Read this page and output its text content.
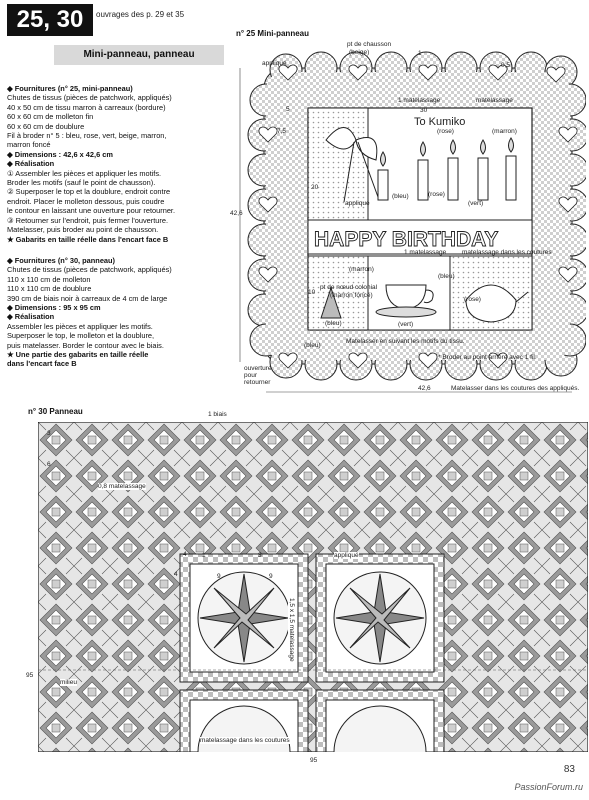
25, 30	ouvrages des p. 29 et 35
Mini-panneau, panneau
◆ Fournitures (n° 25, mini-panneau)
Chutes de tissus (pièces de patchwork, appliqués)
40 x 50 cm de tissu marron à carreaux (bordure)
60 x 60 cm de molleton fin
60 x 60 cm de doublure
Fil à broder n° 5 : bleu, rose, vert, beige, marron,
marron foncé
◆ Dimensions : 42,6 x 42,6 cm
◆ Réalisation
① Assembler les pièces et appliquer les motifs.
Broder les motifs (sauf le point de chausson).
② Superposer le top et la doublure, endroit contre
endroit. Placer le molleton dessous, puis coudre
le contour en laissant une ouverture pour retourner.
③ Retourner sur l'endroit, puis fermer l'ouverture.
Matelasser, puis broder au point de chausson.
★ Gabarits en taille réelle dans l'encart face B
◆ Fournitures (n° 30, panneau)
Chutes de tissus (pièces de patchwork, appliqués)
110 x 110 cm de molleton
110 x 110 cm de doublure
390 cm de biais noir à carreaux de 4 cm de large
◆ Dimensions : 95 x 95 cm
◆ Réalisation
Assembler les pièces et appliquer les motifs.
Superposer le top, le molleton et la doublure,
puis matelasser. Border le contour avec le biais.
★ Une partie des gabarits en taille réelle
dans l'encart face B
n° 25 Mini-panneau
HAPPY BIRTHDAY
appliqué
pt de chausson
(beige)	1
0,5
1 matelassage	matelassage
5
7,5
30
To Kumiko
(rose)	(marron)
20
(bleu)	(rose)
(vert)
appliqué
42,6
1 matelassage matelassage dans les coutures
(marron)
10
pt de nœud colonial
(marron foncé)
(bleu)
(rose)
(vert)
(bleu)
(bleu)
Matelasser en suivant les motifs du tissu.
* Broder au point arrière avec 1 fil.
ouverture pour retourner
42,6	Matelasser dans les coutures des appliqués.
n° 30 Panneau	1 biais
3
6
0,8 matelassage
appliqué
4 1	3
4	9	9
1,5 x 1,5 matelassage
milieu
95
95
matelassage dans les coutures
83
PassionForum.ru
